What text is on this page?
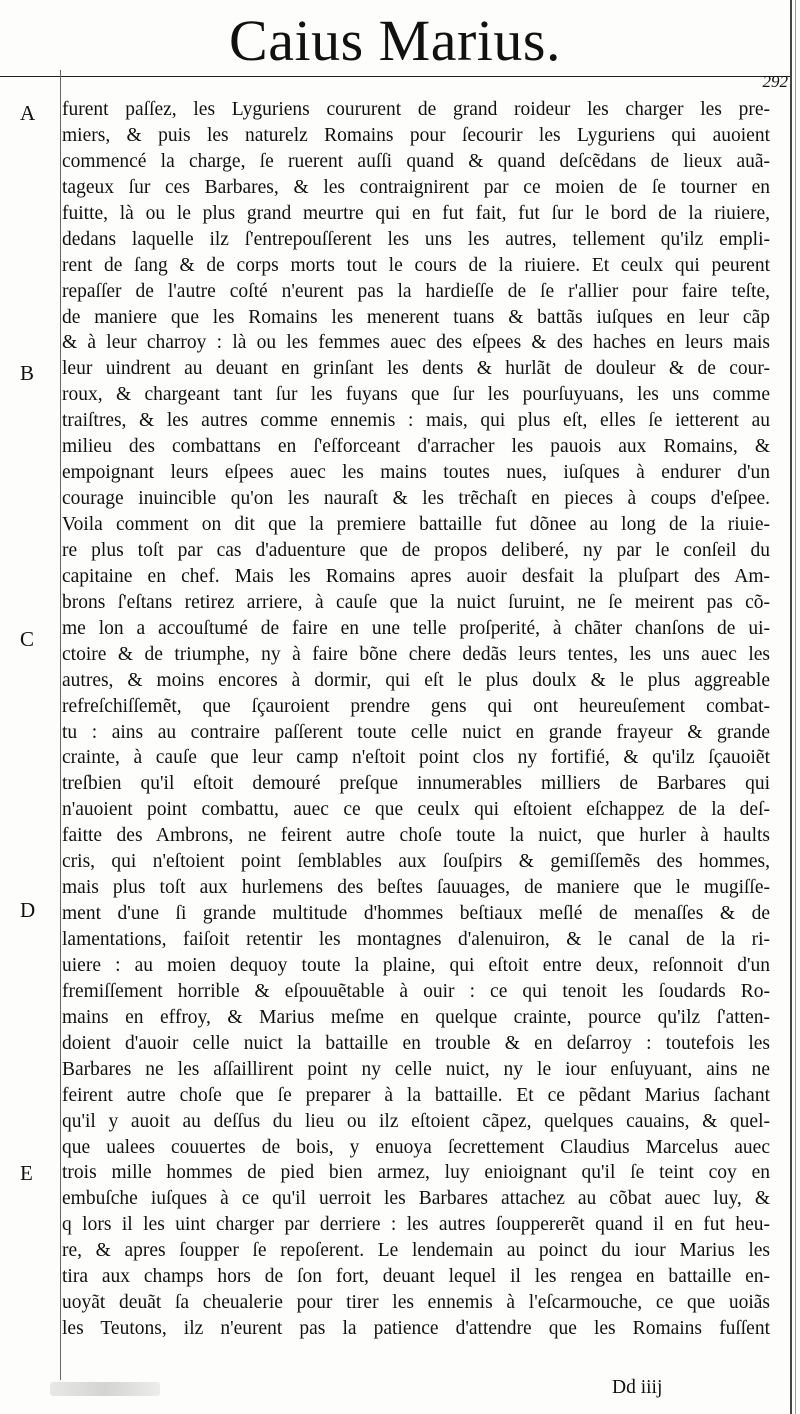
Caius Marius.
292
A
B
C
D
E
furent paſſez, les Lyguriens coururent de grand roideur les charger les pre-
miers, & puis les naturelz Romains pour ſecourir les Lyguriens qui auoient
commencé la charge, ſe ruerent auſſi quand & quand deſcẽdans de lieux auã-
tageux ſur ces Barbares, & les contraignirent par ce moien de ſe tourner en
fuitte, là ou le plus grand meurtre qui en fut fait, fut ſur le bord de la riuiere,
dedans laquelle ilz ſ'entrepouſſerent les uns les autres, tellement qu'ilz empli-
rent de ſang & de corps morts tout le cours de la riuiere. Et ceulx qui peurent
repaſſer de l'autre coſté n'eurent pas la hardieſſe de ſe r'allier pour faire teſte,
de maniere que les Romains les menerent tuans & battãs iuſques en leur cãp
& à leur charroy : là ou les femmes auec des eſpees & des haches en leurs mais
leur uindrent au deuant en grinſant les dents & hurlãt de douleur & de cour-
roux, & chargeant tant ſur les fuyans que ſur les pourſuyuans, les uns comme
traiſtres, & les autres comme ennemis : mais, qui plus eſt, elles ſe ietterent au
milieu des combattans en ſ'eſforceant d'arracher les pauois aux Romains, &
empoignant leurs eſpees auec les mains toutes nues, iuſques à endurer d'un
courage inuincible qu'on les nauraſt & les trẽchaſt en pieces à coups d'eſpee.
Voila comment on dit que la premiere battaille fut dõnee au long de la riuie-
re plus toſt par cas d'aduenture que de propos deliberé, ny par le conſeil du
capitaine en chef. Mais les Romains apres auoir desfait la pluſpart des Am-
brons ſ'eſtans retirez arriere, à cauſe que la nuict ſuruint, ne ſe meirent pas cõ-
me lon a accouſtumé de faire en une telle proſperité, à chãter chanſons de ui-
ctoire & de triumphe, ny à faire bõne chere dedãs leurs tentes, les uns auec les
autres, & moins encores à dormir, qui eſt le plus doulx & le plus aggreable
refreſchiſſemẽt, que ſçauroient prendre gens qui ont heureuſement combat-
tu : ains au contraire paſſerent toute celle nuict en grande frayeur & grande
crainte, à cauſe que leur camp n'eſtoit point clos ny fortifié, & qu'ilz ſçauoiẽt
treſbien qu'il eſtoit demouré preſque innumerables milliers de Barbares qui
n'auoient point combattu, auec ce que ceulx qui eſtoient eſchappez de la deſ-
faitte des Ambrons, ne feirent autre choſe toute la nuict, que hurler à haults
cris, qui n'eſtoient point ſemblables aux ſouſpirs & gemiſſemẽs des hommes,
mais plus toſt aux hurlemens des beſtes ſauuages, de maniere que le mugiſſe-
ment d'une ſi grande multitude d'hommes beſtiaux meſlé de menaſſes & de
lamentations, faiſoit retentir les montagnes d'alenuiron, & le canal de la ri-
uiere : au moien dequoy toute la plaine, qui eſtoit entre deux, reſonnoit d'un
fremiſſement horrible & eſpouuẽtable à ouir : ce qui tenoit les ſoudards Ro-
mains en effroy, & Marius meſme en quelque crainte, pource qu'ilz ſ'atten-
doient d'auoir celle nuict la battaille en trouble & en deſarroy : toutefois les
Barbares ne les aſſaillirent point ny celle nuict, ny le iour enſuyuant, ains ne
feirent autre choſe que ſe preparer à la battaille. Et ce pẽdant Marius ſachant
qu'il y auoit au deſſus du lieu ou ilz eſtoient cãpez, quelques cauains, & quel-
que ualees couuertes de bois, y enuoya ſecrettement Claudius Marcelus auec
trois mille hommes de pied bien armez, luy enioignant qu'il ſe teint coy en
embuſche iuſques à ce qu'il uerroit les Barbares attachez au cõbat auec luy, &
q lors il les uint charger par derriere : les autres ſouppererẽt quand il en fut heu-
re, & apres ſoupper ſe repoſerent. Le lendemain au poinct du iour Marius les
tira aux champs hors de ſon fort, deuant lequel il les rengea en battaille en-
uoyãt deuãt ſa cheualerie pour tirer les ennemis à l'eſcarmouche, ce que uoiãs
les Teutons, ilz n'eurent pas la patience d'attendre que les Romains fuſſent
Dd iiij
